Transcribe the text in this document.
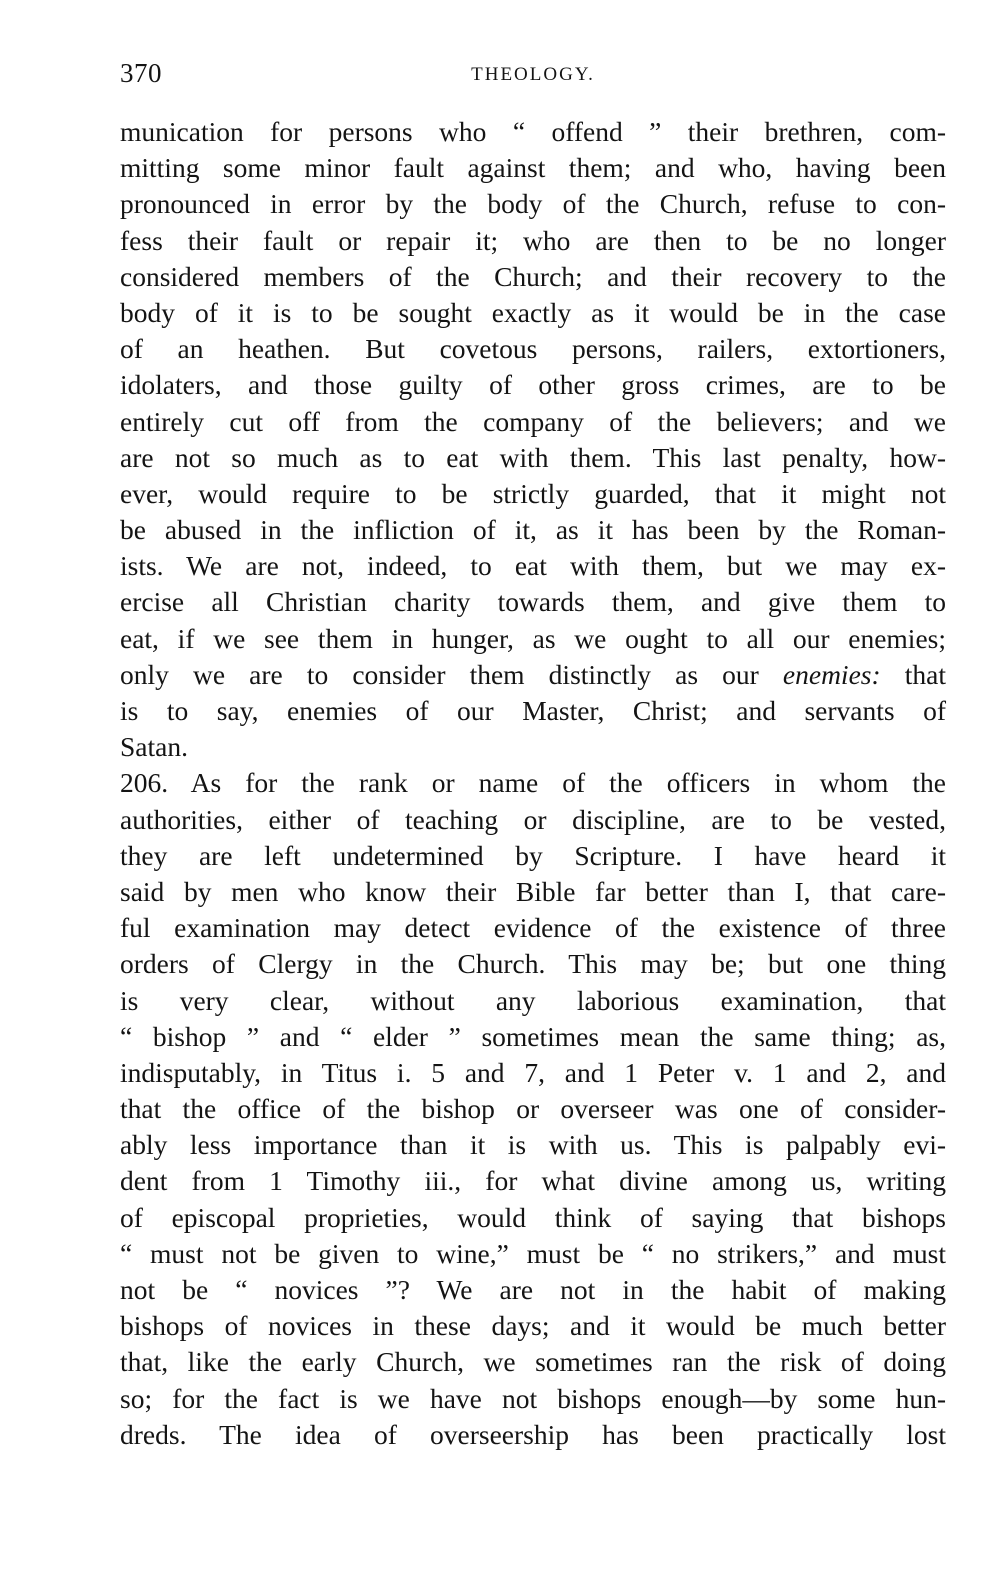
370	THEOLOGY.
munication for persons who “ offend ” their brethren, com-
mitting some minor fault against them; and who, having been
pronounced in error by the body of the Church, refuse to con-
fess their fault or repair it; who are then to be no longer
considered members of the Church; and their recovery to the
body of it is to be sought exactly as it would be in the case
of an heathen. But covetous persons, railers, extortioners,
idolaters, and those guilty of other gross crimes, are to be
entirely cut off from the company of the believers; and we
are not so much as to eat with them. This last penalty, how-
ever, would require to be strictly guarded, that it might not
be abused in the infliction of it, as it has been by the Roman-
ists. We are not, indeed, to eat with them, but we may ex-
ercise all Christian charity towards them, and give them to
eat, if we see them in hunger, as we ought to all our enemies;
only we are to consider them distinctly as our enemies: that
is to say, enemies of our Master, Christ; and servants of
Satan.
206. As for the rank or name of the officers in whom the
authorities, either of teaching or discipline, are to be vested,
they are left undetermined by Scripture. I have heard it
said by men who know their Bible far better than I, that care-
ful examination may detect evidence of the existence of three
orders of Clergy in the Church. This may be; but one thing
is very clear, without any laborious examination, that
“ bishop ” and “ elder ” sometimes mean the same thing; as,
indisputably, in Titus i. 5 and 7, and 1 Peter v. 1 and 2, and
that the office of the bishop or overseer was one of consider-
ably less importance than it is with us. This is palpably evi-
dent from 1 Timothy iii., for what divine among us, writing
of episcopal proprieties, would think of saying that bishops
“ must not be given to wine,” must be “ no strikers,” and must
not be “ novices ”? We are not in the habit of making
bishops of novices in these days; and it would be much better
that, like the early Church, we sometimes ran the risk of doing
so; for the fact is we have not bishops enough—by some hun-
dreds. The idea of overseership has been practically lost
